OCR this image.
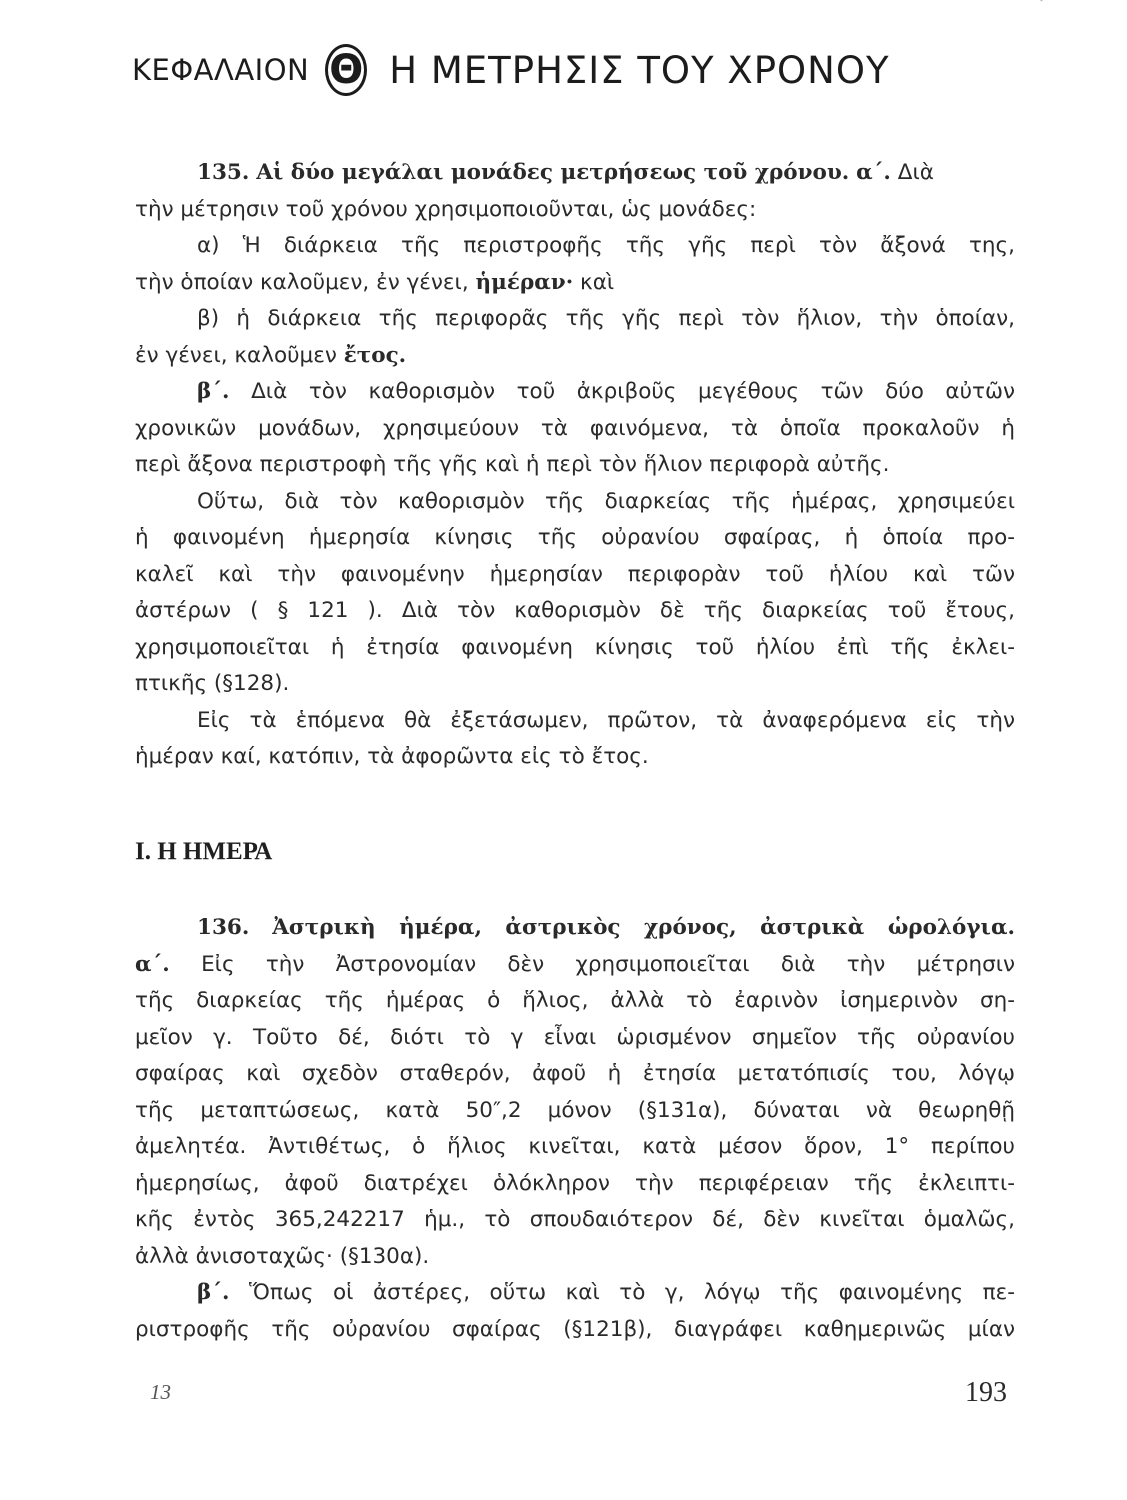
ΚΕΦΑΛΑΙΟΝ Θ Η ΜΕΤΡΗΣΙΣ ΤΟΥ ΧΡΟΝΟΥ
135. Αἱ δύο μεγάλαι μονάδες μετρήσεως τοῦ χρόνου. α΄. Διὰ
τὴν μέτρησιν τοῦ χρόνου χρησιμοποιοῦνται, ὡς μονάδες:
α) Ἡ διάρκεια τῆς περιστροφῆς τῆς γῆς περὶ τὸν ἄξονά της,
τὴν ὁποίαν καλοῦμεν, ἐν γένει, ἡμέραν· καὶ
β) ἡ διάρκεια τῆς περιφορᾶς τῆς γῆς περὶ τὸν ἥλιον, τὴν ὁποίαν,
ἐν γένει, καλοῦμεν ἔτος.
β΄. Διὰ τὸν καθορισμὸν τοῦ ἀκριβοῦς μεγέθους τῶν δύο αὐτῶν
χρονικῶν μονάδων, χρησιμεύουν τὰ φαινόμενα, τὰ ὁποῖα προκαλοῦν ἡ
περὶ ἄξονα περιστροφὴ τῆς γῆς καὶ ἡ περὶ τὸν ἥλιον περιφορὰ αὐτῆς.
Οὕτω, διὰ τὸν καθορισμὸν τῆς διαρκείας τῆς ἡμέρας, χρησιμεύει
ἡ φαινομένη ἡμερησία κίνησις τῆς οὐρανίου σφαίρας, ἡ ὁποία προ-
καλεῖ καὶ τὴν φαινομένην ἡμερησίαν περιφορὰν τοῦ ἡλίου καὶ τῶν
ἀστέρων ( § 121 ). Διὰ τὸν καθορισμὸν δὲ τῆς διαρκείας τοῦ ἔτους,
χρησιμοποιεῖται ἡ ἐτησία φαινομένη κίνησις τοῦ ἡλίου ἐπὶ τῆς ἐκλει-
πτικῆς (§128).
Εἰς τὰ ἑπόμενα θὰ ἐξετάσωμεν, πρῶτον, τὰ ἀναφερόμενα εἰς τὴν
ἡμέραν καί, κατόπιν, τὰ ἀφορῶντα εἰς τὸ ἔτος.
Ι. Η ΗΜΕΡΑ
136. Ἀστρικὴ ἡμέρα, ἀστρικὸς χρόνος, ἀστρικὰ ὡρολόγια.
α΄. Εἰς τὴν Ἀστρονομίαν δὲν χρησιμοποιεῖται διὰ τὴν μέτρησιν
τῆς διαρκείας τῆς ἡμέρας ὁ ἥλιος, ἀλλὰ τὸ ἐαρινὸν ἰσημερινὸν ση-
μεῖον γ. Τοῦτο δέ, διότι τὸ γ εἶναι ὡρισμένον σημεῖον τῆς οὐρανίου
σφαίρας καὶ σχεδὸν σταθερόν, ἀφοῦ ἡ ἐτησία μετατόπισίς του, λόγῳ
τῆς μεταπτώσεως, κατὰ 50″,2 μόνον (§131α), δύναται νὰ θεωρηθῇ
ἀμελητέα. Ἀντιθέτως, ὁ ἥλιος κινεῖται, κατὰ μέσον ὅρον, 1° περίπου
ἡμερησίως, ἀφοῦ διατρέχει ὁλόκληρον τὴν περιφέρειαν τῆς ἐκλειπτι-
κῆς ἐντὸς 365,242217 ἡμ., τὸ σπουδαιότερον δέ, δὲν κινεῖται ὁμαλῶς,
ἀλλὰ ἀνισοταχῶς· (§130α).
β΄. Ὅπως οἱ ἀστέρες, οὕτω καὶ τὸ γ, λόγῳ τῆς φαινομένης πε-
ριστροφῆς τῆς οὐρανίου σφαίρας (§121β), διαγράφει καθημερινῶς μίαν
13	193
